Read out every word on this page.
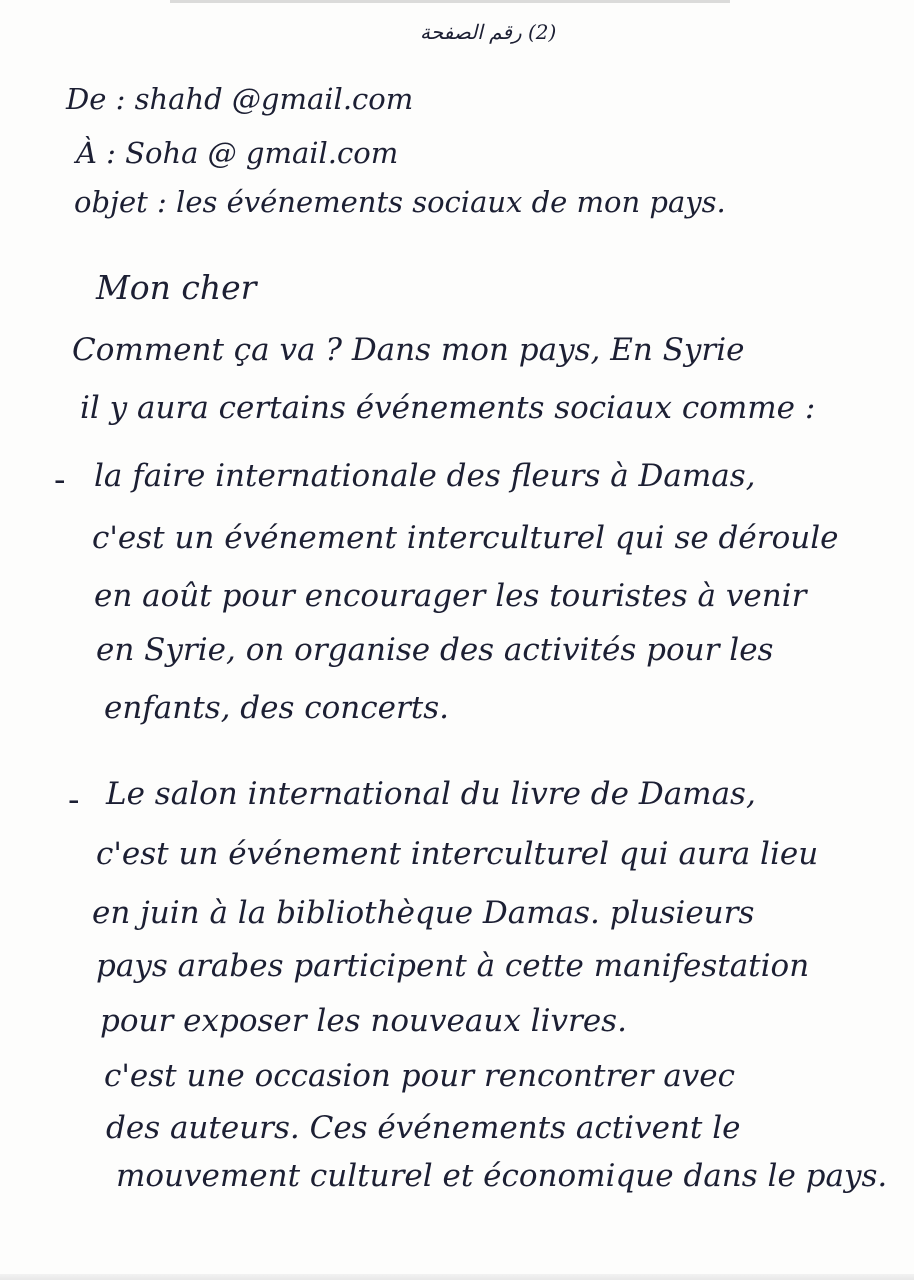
(2) رقم الصفحة
De : shahd @gmail.com
À : Soha @ gmail.com
objet : les événements sociaux de mon pays.
Mon cher
Comment ça va ? Dans mon pays, En Syrie
il y aura certains événements sociaux comme :
- la faire internationale des fleurs à Damas,
c'est un événement interculturel qui se déroule
en août pour encourager les touristes à venir
en Syrie, on organise des activités pour les
enfants, des concerts.
- Le salon international du livre de Damas,
c'est un événement interculturel qui aura lieu
en juin à la bibliothèque Damas. plusieurs
pays arabes participent à cette manifestation
pour exposer les nouveaux livres.
c'est une occasion pour rencontrer avec
des auteurs. Ces événements activent le
mouvement culturel et économique dans le pays.
